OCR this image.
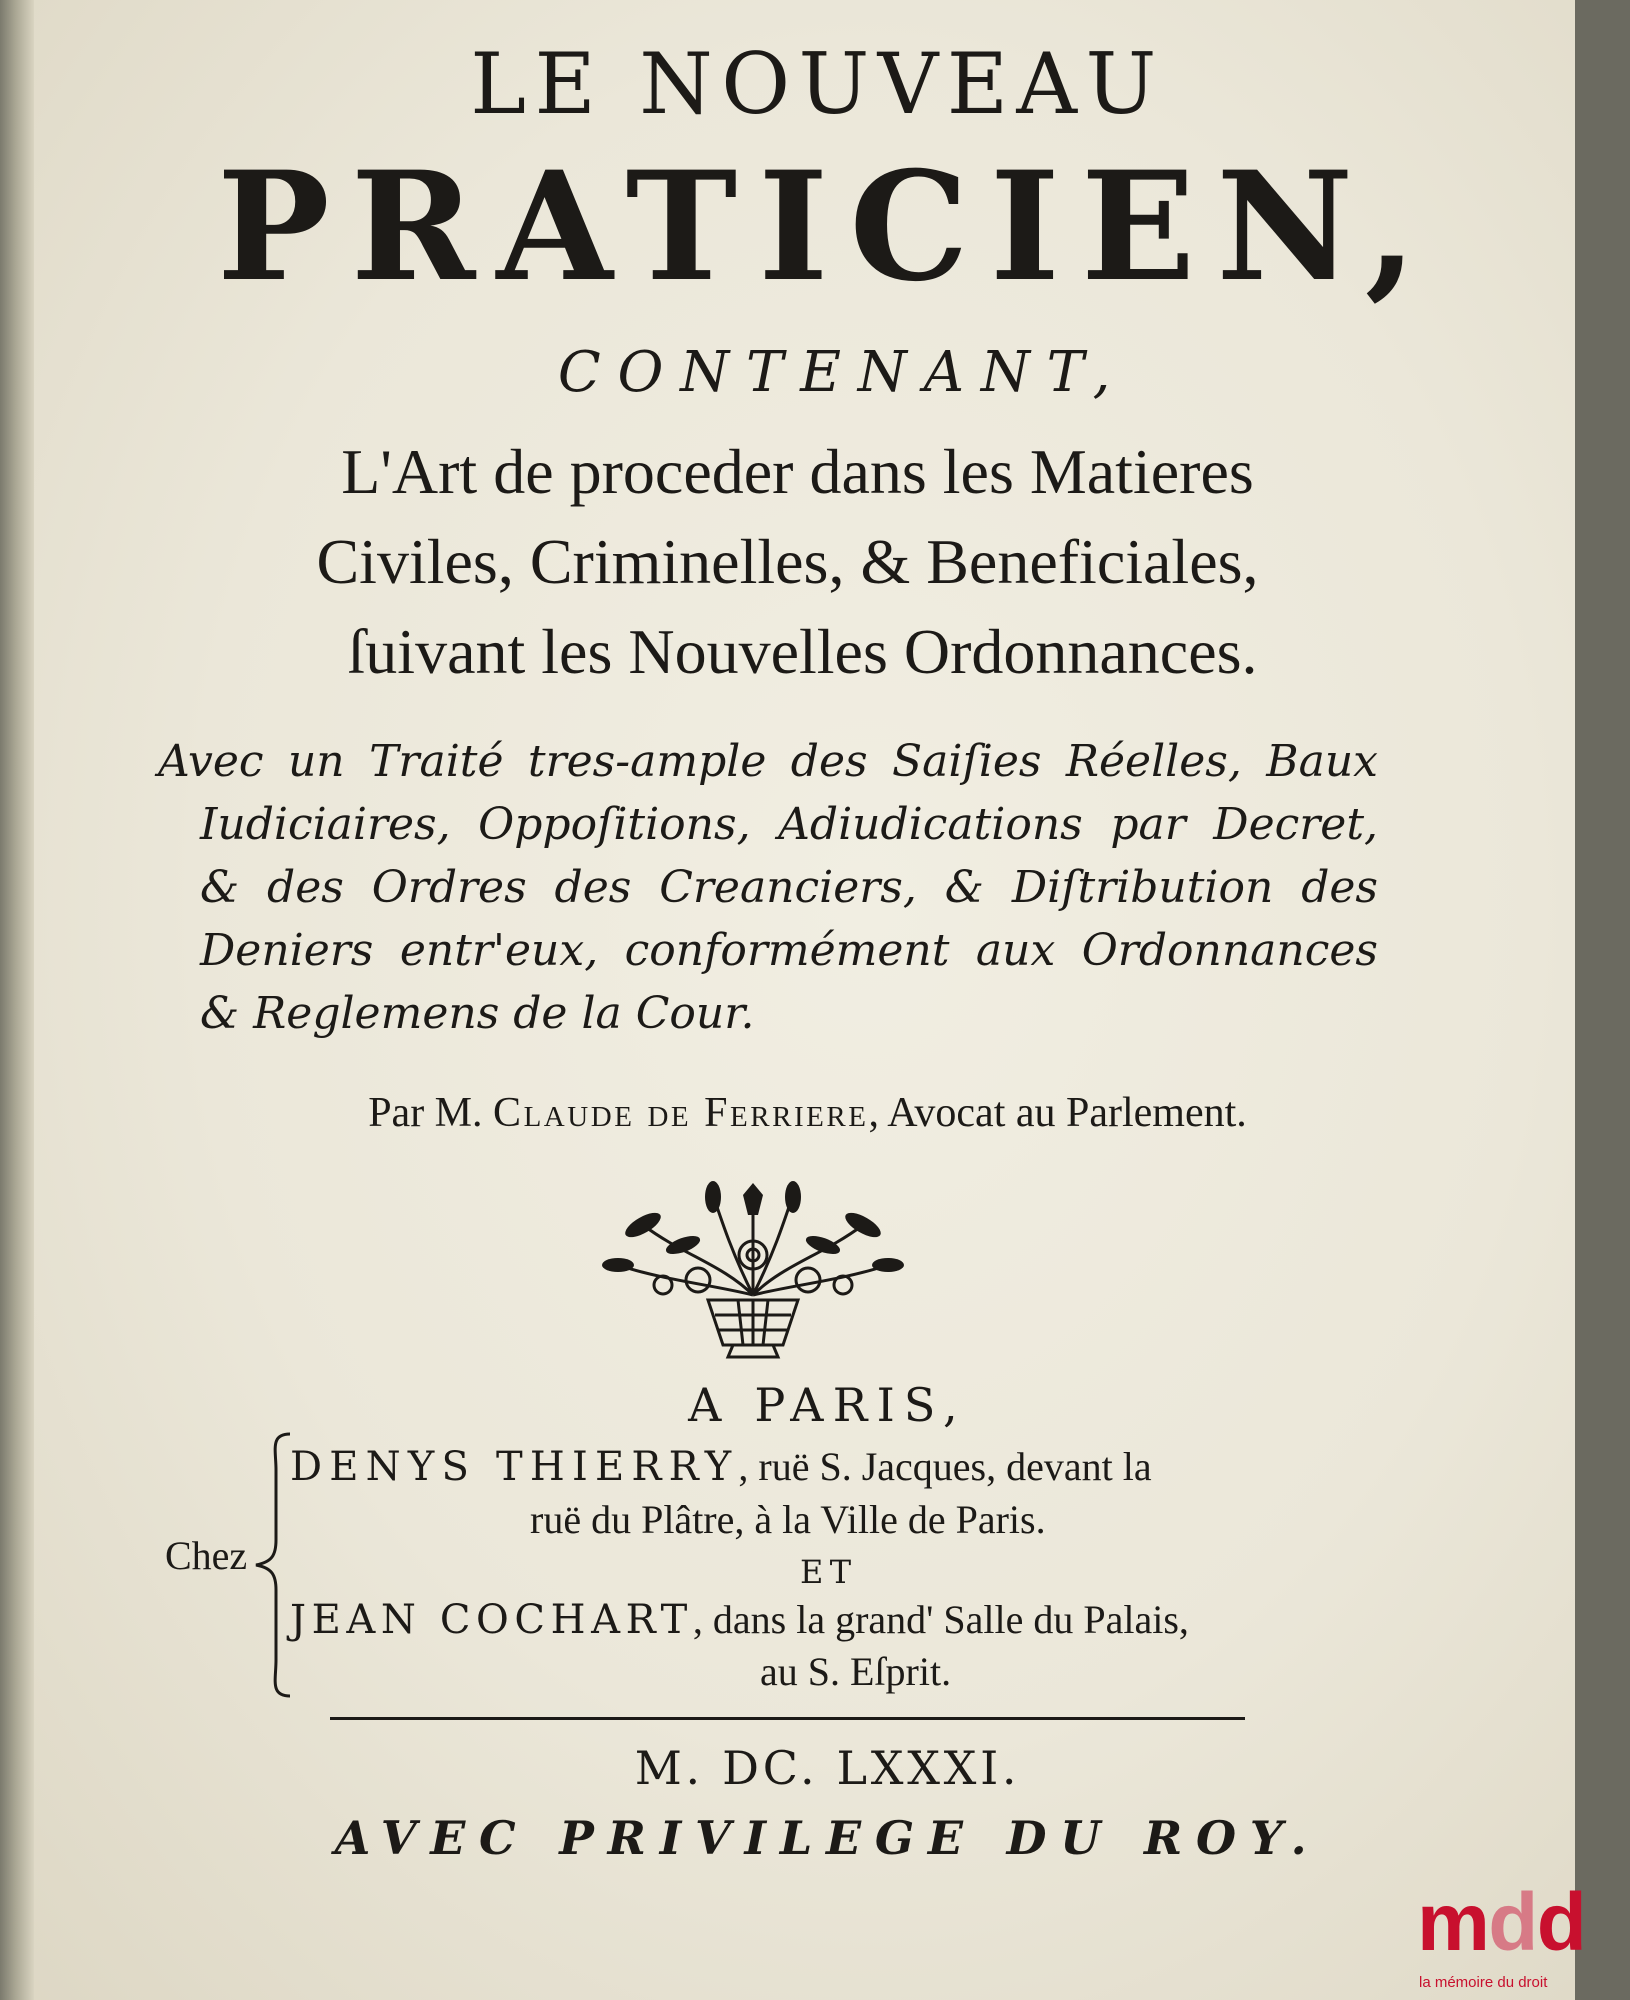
LE NOUVEAU
PRATICIEN,
CONTENANT,
L'Art de proceder dans les Matieres
Civiles, Criminelles, & Beneficiales,
ſuivant les Nouvelles Ordonnances.
Avec un Traité tres-ample des Saiſies Réelles, Baux
Iudiciaires, Oppoſitions, Adiudications par Decret,
& des Ordres des Creanciers, & Diſtribution des
Deniers entr'eux, conformément aux Ordonnances
& Reglemens de la Cour.
Par M. Claude de Ferriere, Avocat au Parlement.
A PARIS,
Chez
DENYS THIERRY, ruë S. Jacques, devant la
ruë du Plâtre, à la Ville de Paris.
ET
JEAN COCHART, dans la grand' Salle du Palais,
au S. Eſprit.
M. DC. LXXXI.
AVEC PRIVILEGE DU ROY.
mdd
la mémoire du droit
